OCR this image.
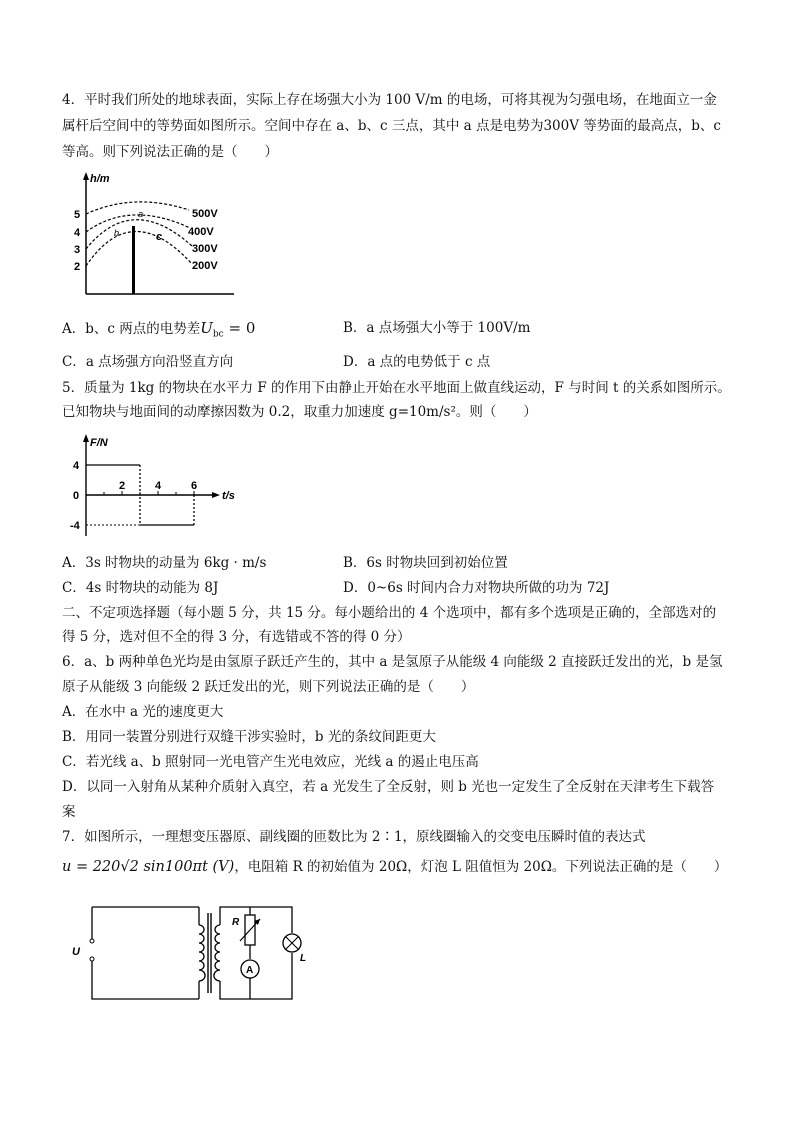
4．平时我们所处的地球表面，实际上存在场强大小为 100 V/m 的电场，可将其视为匀强电场，在地面立一金
属杆后空间中的等势面如图所示。空间中存在 a、b、c 三点，其中 a 点是电势为300V 等势面的最高点，b、c
等高。则下列说法正确的是（　　）
h/m
5
4
3
2
a
b	c
500V
400V
300V
200V
A．b、c 两点的电势差$U_{bc} = 0$	B．a 点场强大小等于 100V/m
C．a 点场强方向沿竖直方向	D．a 点的电势低于 c 点
5．质量为 1kg 的物块在水平力 F 的作用下由静止开始在水平地面上做直线运动，F 与时间 t 的关系如图所示。
已知物块与地面间的动摩擦因数为 0.2，取重力加速度 g=10m/s²。则（　　）
F/N
t/s
4
0
-4
2	4	6
A．3s 时物块的动量为 6kg · m/s	B．6s 时物块回到初始位置
C．4s 时物块的动能为 8J	D．0~6s 时间内合力对物块所做的功为 72J
二、不定项选择题（每小题 5 分，共 15 分。每小题给出的 4 个选项中，都有多个选项是正确的，全部选对的
得 5 分，选对但不全的得 3 分，有选错或不答的得 0 分）
6．a、b 两种单色光均是由氢原子跃迁产生的，其中 a 是氢原子从能级 4 向能级 2 直接跃迁发出的光，b 是氢
原子从能级 3 向能级 2 跃迁发出的光，则下列说法正确的是（　　）
A．在水中 a 光的速度更大
B．用同一装置分别进行双缝干涉实验时，b 光的条纹间距更大
C．若光线 a、b 照射同一光电管产生光电效应，光线 a 的遏止电压高
D．以同一入射角从某种介质射入真空，若 a 光发生了全反射，则 b 光也一定发生了全反射在天津考生下载答
案
7．如图所示，一理想变压器原、副线圈的匝数比为 2∶1，原线圈输入的交变电压瞬时值的表达式
u = 220√2 sin100πt (V)，电阻箱 R 的初始值为 20Ω，灯泡 L 阻值恒为 20Ω。下列说法正确的是（　　）
U
R
A
L
